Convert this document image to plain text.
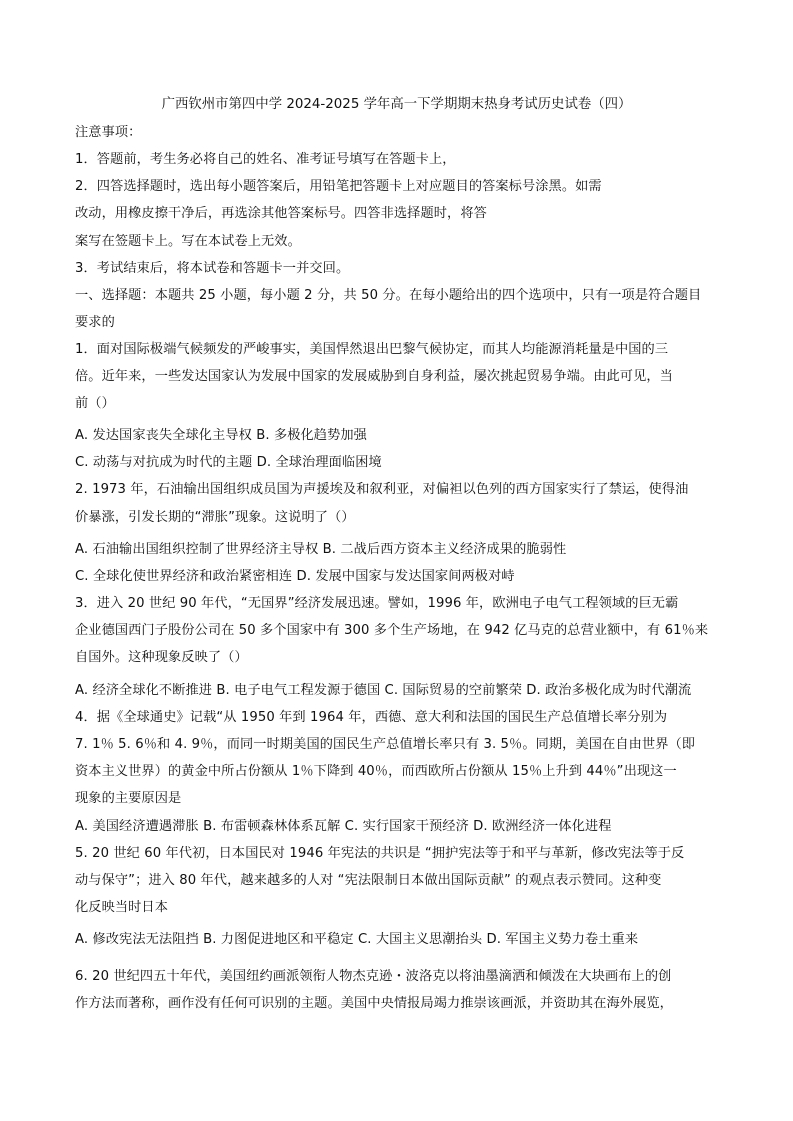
广西钦州市第四中学 2024-2025 学年高一下学期期末热身考试历史试卷（四）
注意事项：
1．答题前，考生务必将自己的姓名、准考证号填写在答题卡上，
2．四答选择题时，选出每小题答案后，用铅笔把答题卡上对应题目的答案标号涂黑。如需
改动，用橡皮擦干净后，再选涂其他答案标号。四答非选择题时，将答
案写在签题卡上。写在本试卷上无效。
3．考试结束后，将本试卷和答题卡一并交回。
一、选择题：本题共 25 小题，每小题 2 分，共 50 分。在每小题给出的四个选项中，只有一项是符合题目
要求的
1．面对国际极端气候频发的严峻事实，美国悍然退出巴黎气候协定，而其人均能源消耗量是中国的三
倍。近年来，一些发达国家认为发展中国家的发展威胁到自身利益，屡次挑起贸易争端。由此可见，当
前（）
A. 发达国家丧失全球化主导权 B. 多极化趋势加强
C. 动荡与对抗成为时代的主题 D. 全球治理面临困境
2. 1973 年，石油输出国组织成员国为声援埃及和叙利亚，对偏袒以色列的西方国家实行了禁运，使得油
价暴涨，引发长期的“滞胀”现象。这说明了（）
A. 石油输出国组织控制了世界经济主导权 B. 二战后西方资本主义经济成果的脆弱性
C. 全球化使世界经济和政治紧密相连 D. 发展中国家与发达国家间两极对峙
3．进入 20 世纪 90 年代，“无国界”经济发展迅速。譬如，1996 年，欧洲电子电气工程领域的巨无霸
企业德国西门子股份公司在 50 多个国家中有 300 多个生产场地，在 942 亿马克的总营业额中，有 61％来
自国外。这种现象反映了（）
A. 经济全球化不断推进 B. 电子电气工程发源于德国 C. 国际贸易的空前繁荣 D. 政治多极化成为时代潮流
4．据《全球通史》记载“从 1950 年到 1964 年，西德、意大利和法国的国民生产总值增长率分别为
7. 1％ 5. 6％和 4. 9％，而同一时期美国的国民生产总值增长率只有 3. 5％。同期，美国在自由世界（即
资本主义世界）的黄金中所占份额从 1％下降到 40％，而西欧所占份额从 15％上升到 44％”出现这一
现象的主要原因是
A. 美国经济遭遇滞胀 B. 布雷顿森林体系瓦解 C. 实行国家干预经济 D. 欧洲经济一体化进程
5. 20 世纪 60 年代初，日本国民对 1946 年宪法的共识是 “拥护宪法等于和平与革新，修改宪法等于反
动与保守”；进入 80 年代，越来越多的人对 “宪法限制日本做出国际贡献” 的观点表示赞同。这种变
化反映当时日本
A. 修改宪法无法阻挡 B. 力图促进地区和平稳定 C. 大国主义思潮抬头 D. 军国主义势力卷土重来
6. 20 世纪四五十年代，美国纽约画派领衔人物杰克逊・波洛克以将油墨滴洒和倾泼在大块画布上的创
作方法而著称，画作没有任何可识别的主题。美国中央情报局竭力推崇该画派，并资助其在海外展览，
